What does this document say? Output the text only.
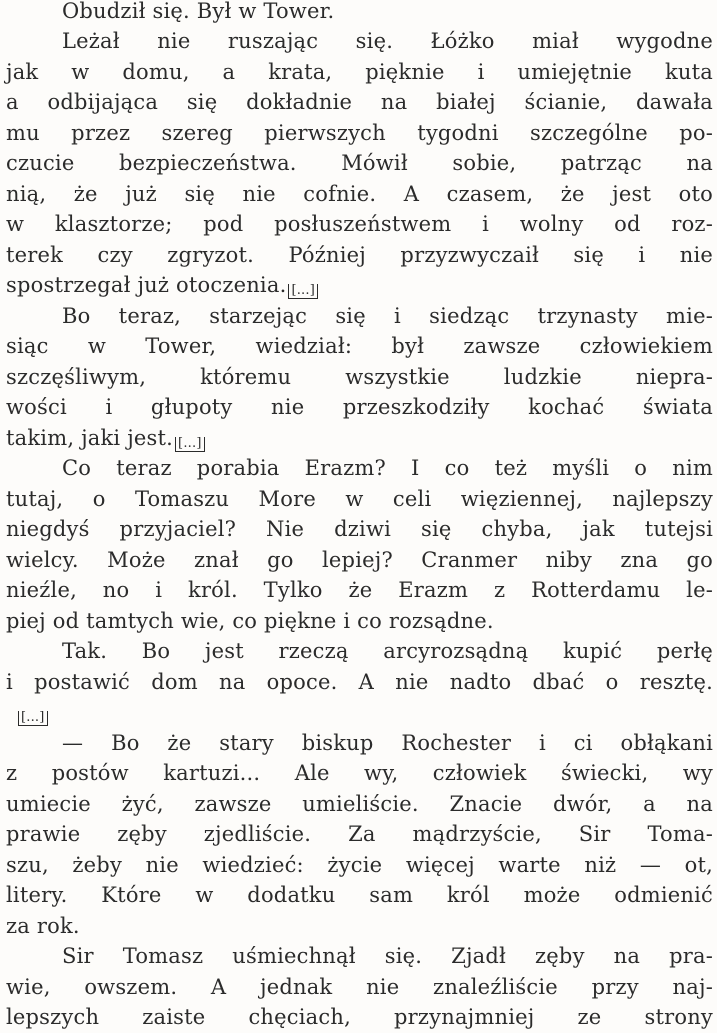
Obudził się. Był w Tower.
Leżał nie ruszając się. Łóżko miał wygodne
jak w domu, a krata, pięknie i umiejętnie kuta
a odbijająca się dokładnie na białej ścianie, dawała
mu przez szereg pierwszych tygodni szczególne po-
czucie bezpieczeństwa. Mówił sobie, patrząc na
nią, że już się nie cofnie. A czasem, że jest oto
w klasztorze; pod posłuszeństwem i wolny od roz-
terek czy zgryzot. Później przyzwyczaił się i nie
spostrzegał już otoczenia. [...]
Bo teraz, starzejąc się i siedząc trzynasty mie-
siąc w Tower, wiedział: był zawsze człowiekiem
szczęśliwym, któremu wszystkie ludzkie niepra-
wości i głupoty nie przeszkodziły kochać świata
takim, jaki jest. [...]
Co teraz porabia Erazm? I co też myśli o nim
tutaj, o Tomaszu More w celi więziennej, najlepszy
niegdyś przyjaciel? Nie dziwi się chyba, jak tutejsi
wielcy. Może znał go lepiej? Cranmer niby zna go
nieźle, no i król. Tylko że Erazm z Rotterdamu le-
piej od tamtych wie, co piękne i co rozsądne.
Tak. Bo jest rzeczą arcyrozsądną kupić perłę
i postawić dom na opoce. A nie nadto dbać o resztę.
[...]
— Bo że stary biskup Rochester i ci obłąkani
z postów kartuzi... Ale wy, człowiek świecki, wy
umiecie żyć, zawsze umieliście. Znacie dwór, a na
prawie zęby zjedliście. Za mądrzyście, Sir Toma-
szu, żeby nie wiedzieć: życie więcej warte niż — ot,
litery. Które w dodatku sam król może odmienić
za rok.
Sir Tomasz uśmiechnął się. Zjadł zęby na pra-
wie, owszem. A jednak nie znaleźliście przy naj-
lepszych zaiste chęciach, przynajmniej ze strony
